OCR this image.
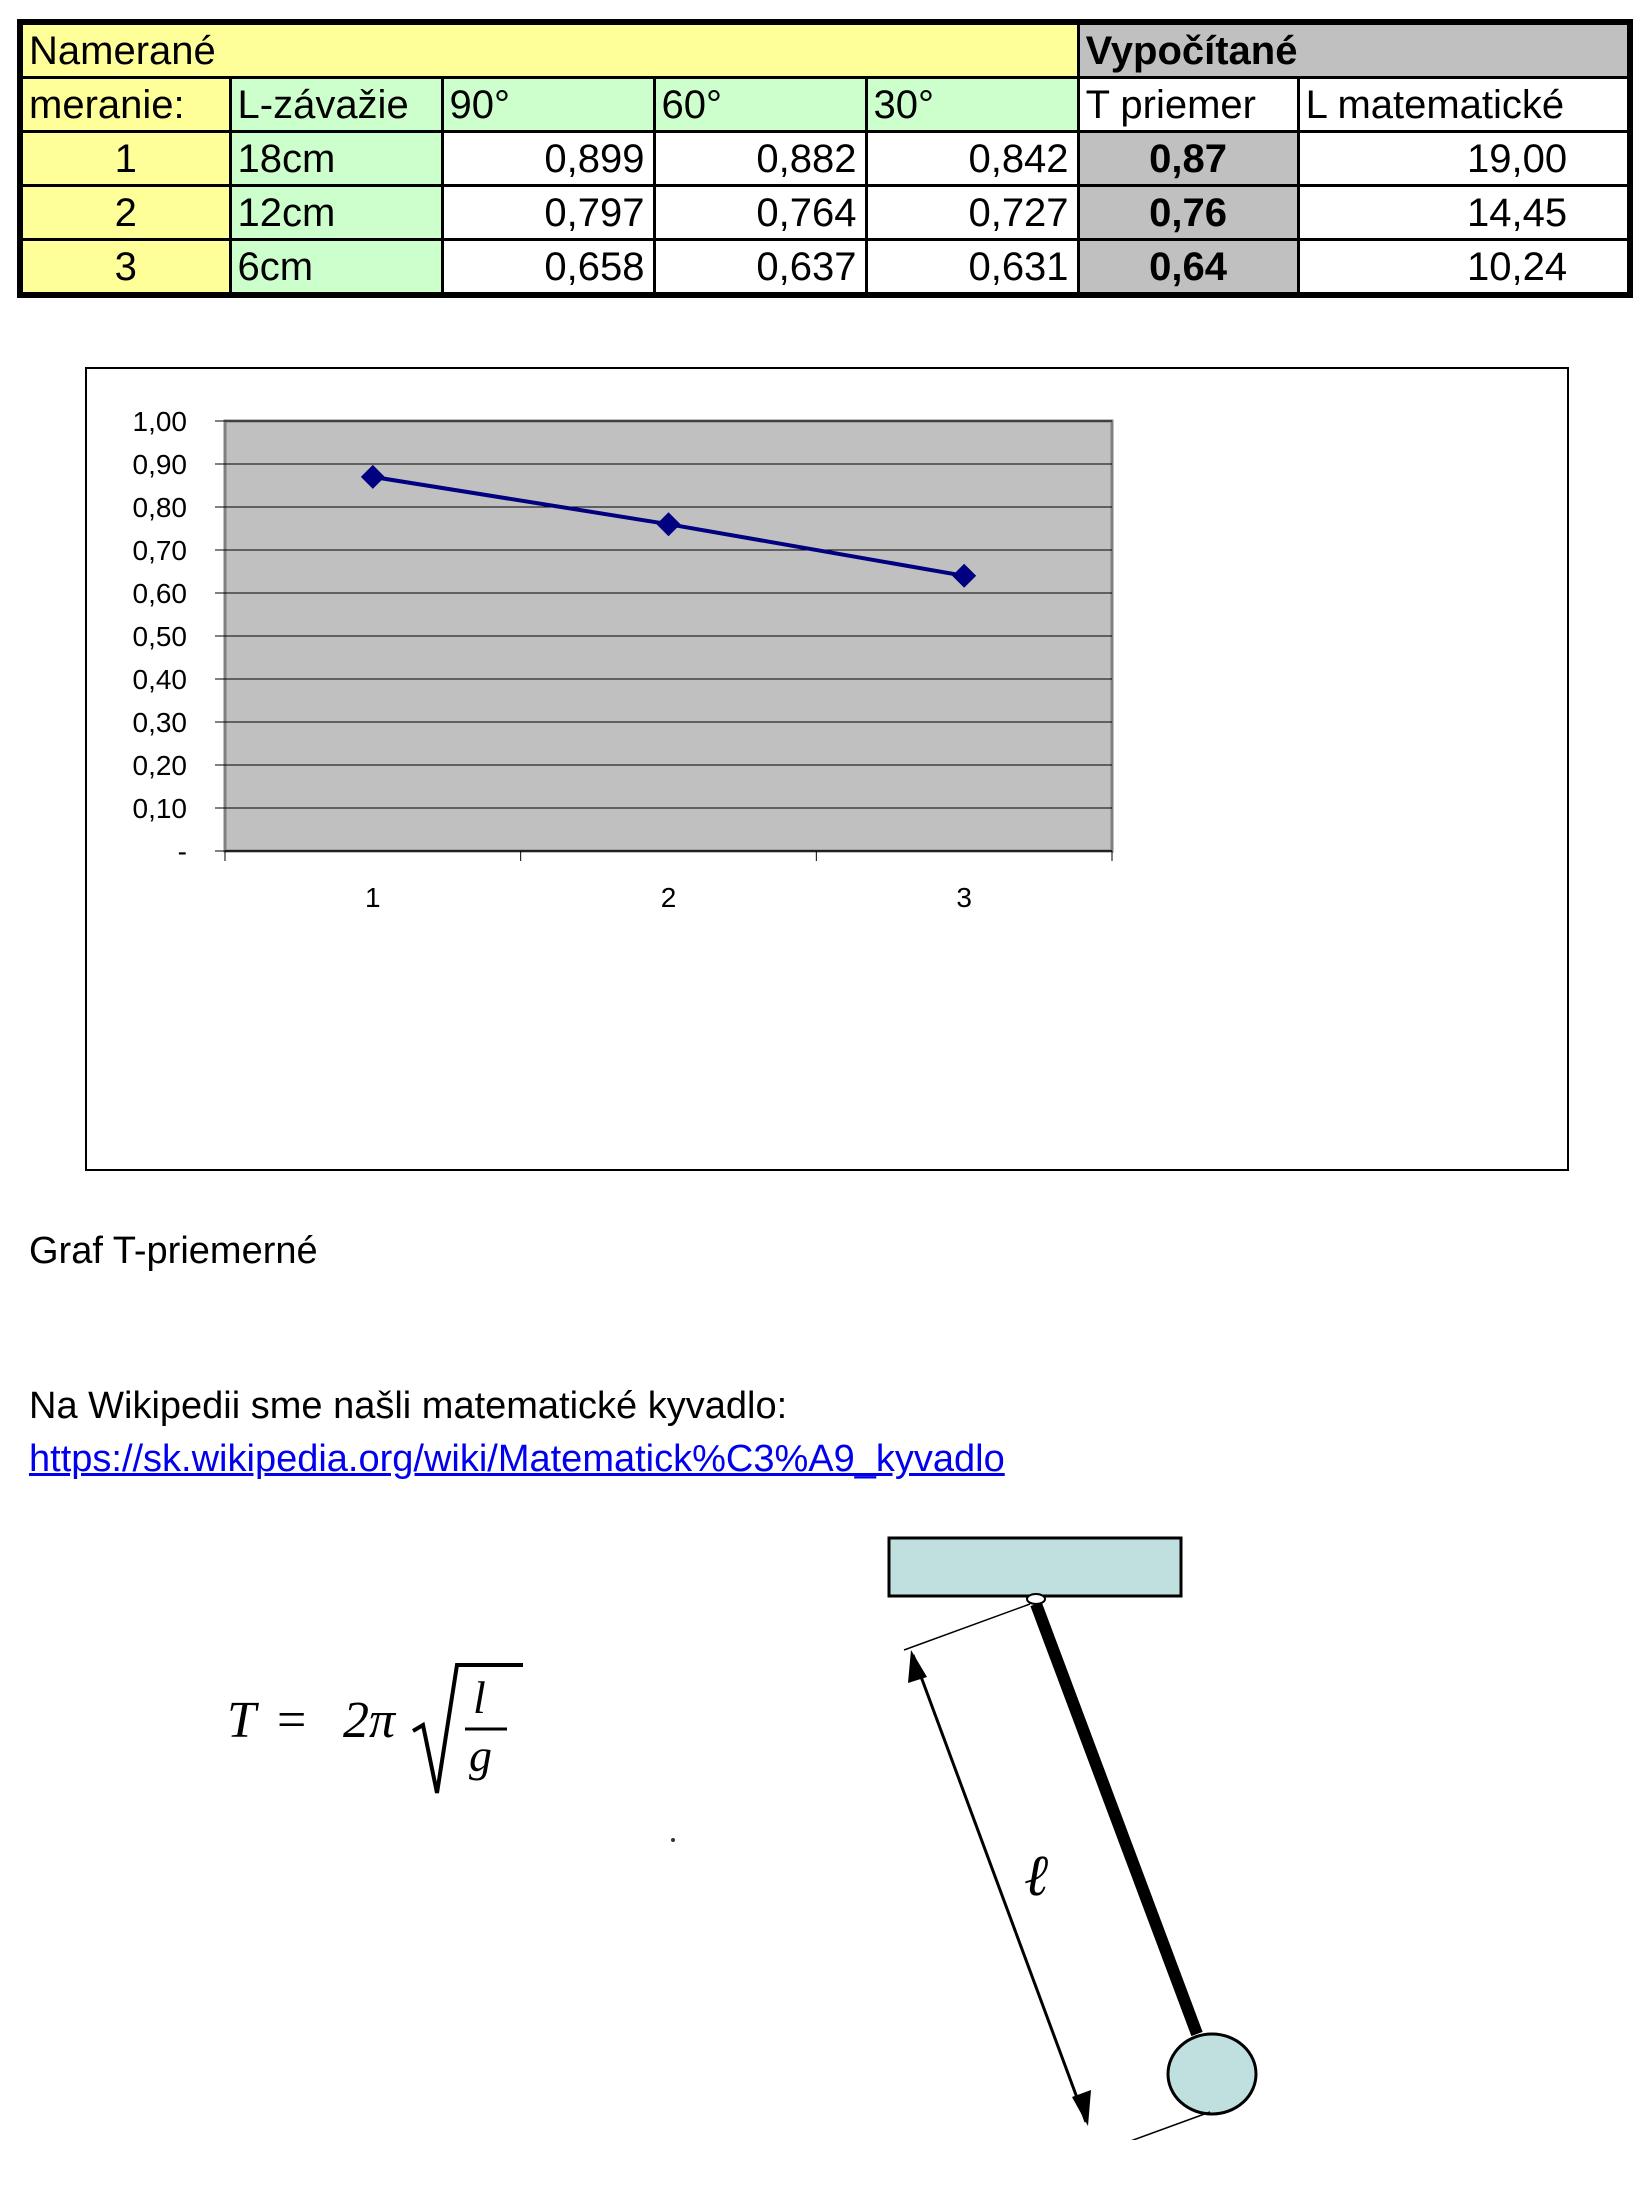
Namerané					Vypočítané	
meranie:	L-závažie	90°	60°	30°	T priemer	L matematické
1	18cm	0,899	0,882	0,842	0,87	19,00
2	12cm	0,797	0,764	0,727	0,76	14,45
3	6cm	0,658	0,637	0,631	0,64	10,24
-
0,10
0,20
0,30
0,40
0,50
0,60
0,70
0,80
0,90
1,00
1	2	3
Graf T-priemerné
Na Wikipedii sme našli matematické kyvadlo:
https://sk.wikipedia.org/wiki/Matematick%C3%A9_kyvadlo
T = 2π l
g
ℓ
